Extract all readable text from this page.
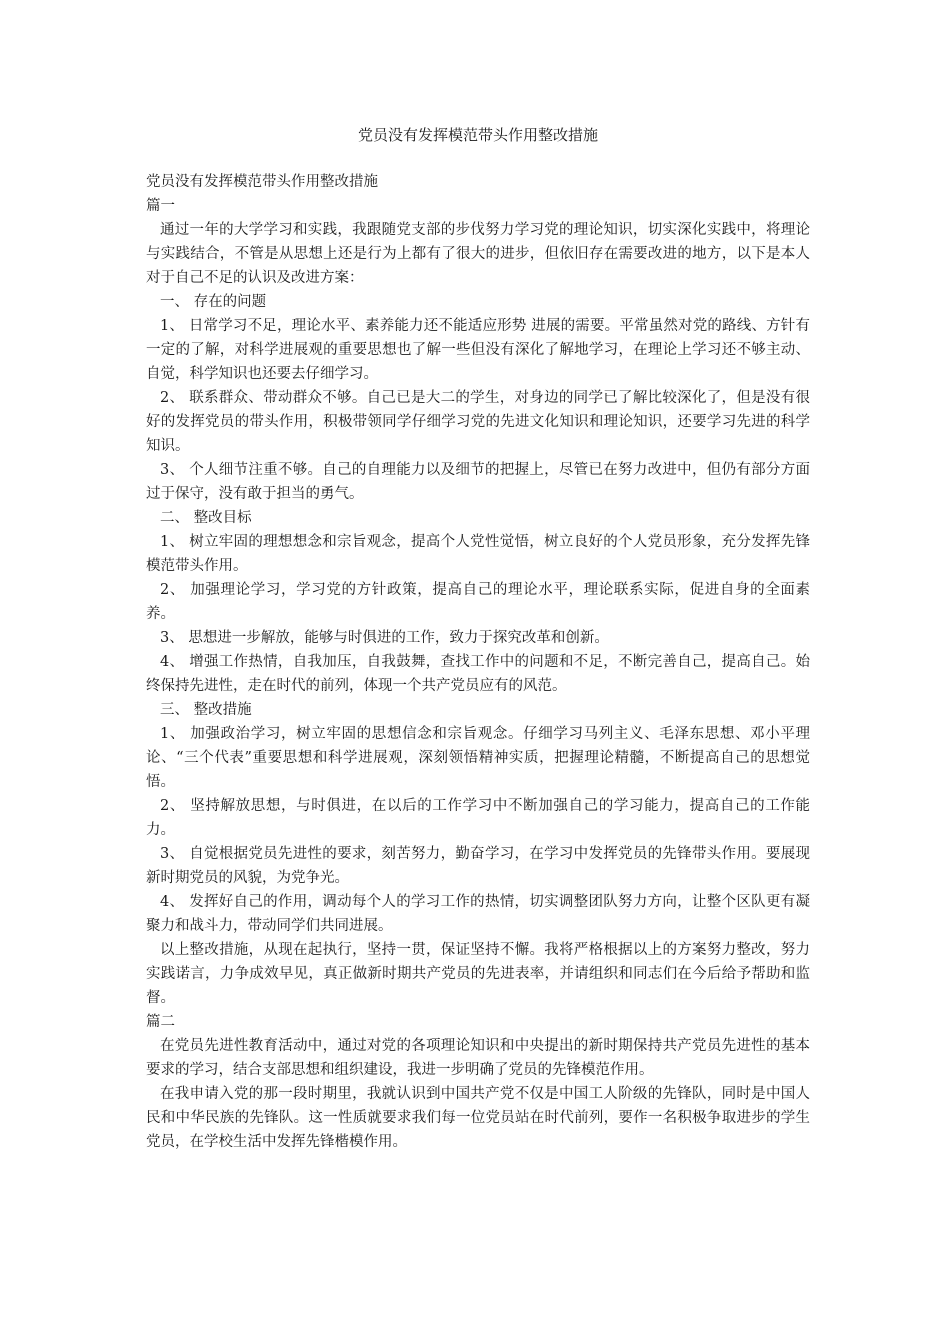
党员没有发挥模范带头作用整改措施

党员没有发挥模范带头作用整改措施

篇一

通过一年的大学学习和实践，我跟随党支部的步伐努力学习党的理论知识，切实深化实践中，将理论与实践结合，不管是从思想上还是行为上都有了很大的进步，但依旧存在需要改进的地方，以下是本人对于自己不足的认识及改进方案：

一、 存在的问题

1、 日常学习不足，理论水平、素养能力还不能适应形势 进展的需要。平常虽然对党的路线、方针有一定的了解，对科学进展观的重要思想也了解一些但没有深化了解地学习，在理论上学习还不够主动、自觉，科学知识也还要去仔细学习。

2、 联系群众、带动群众不够。自己已是大二的学生，对身边的同学已了解比较深化了，但是没有很好的发挥党员的带头作用，积极带领同学仔细学习党的先进文化知识和理论知识，还要学习先进的科学知识。

3、 个人细节注重不够。自己的自理能力以及细节的把握上，尽管已在努力改进中，但仍有部分方面过于保守，没有敢于担当的勇气。

二、 整改目标

1、 树立牢固的理想想念和宗旨观念，提高个人党性觉悟，树立良好的个人党员形象，充分发挥先锋模范带头作用。

2、 加强理论学习，学习党的方针政策，提高自己的理论水平，理论联系实际，促进自身的全面素养。

3、 思想进一步解放，能够与时俱进的工作，致力于探究改革和创新。

4、 增强工作热情，自我加压，自我鼓舞，查找工作中的问题和不足，不断完善自己，提高自己。始终保持先进性，走在时代的前列，体现一个共产党员应有的风范。

三、 整改措施

1、 加强政治学习，树立牢固的思想信念和宗旨观念。仔细学习马列主义、毛泽东思想、邓小平理论、“三个代表”重要思想和科学进展观，深刻领悟精神实质，把握理论精髓，不断提高自己的思想觉悟。

2、 坚持解放思想，与时俱进，在以后的工作学习中不断加强自己的学习能力，提高自己的工作能力。

3、 自觉根据党员先进性的要求，刻苦努力，勤奋学习，在学习中发挥党员的先锋带头作用。要展现新时期党员的风貌，为党争光。

4、 发挥好自己的作用，调动每个人的学习工作的热情，切实调整团队努力方向，让整个区队更有凝聚力和战斗力，带动同学们共同进展。

以上整改措施，从现在起执行，坚持一贯，保证坚持不懈。我将严格根据以上的方案努力整改，努力实践诺言，力争成效早见，真正做新时期共产党员的先进表率，并请组织和同志们在今后给予帮助和监督。

篇二

在党员先进性教育活动中，通过对党的各项理论知识和中央提出的新时期保持共产党员先进性的基本要求的学习，结合支部思想和组织建设，我进一步明确了党员的先锋模范作用。

在我申请入党的那一段时期里，我就认识到中国共产党不仅是中国工人阶级的先锋队，同时是中国人民和中华民族的先锋队。这一性质就要求我们每一位党员站在时代前列，要作一名积极争取进步的学生党员，在学校生活中发挥先锋楷模作用。
